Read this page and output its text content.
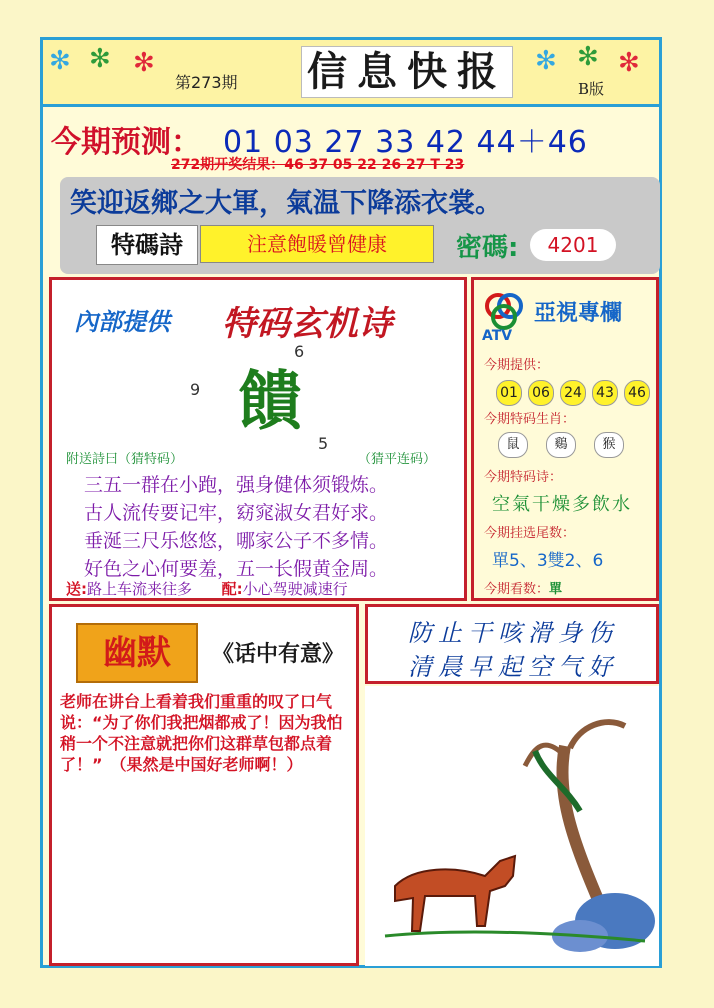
✻ ✻ ✻
第273期 信息快报 ✻ ✻ ✻
B版
今期预测： 01 03 27 33 42 44＋46
272期开奖结果：46 37 05 22 26 27 T 23
笑迎返鄉之大軍，氣温下降添衣裳。
特碼詩	注意飽暖曾健康	密碼:	4201
內部提供 特码玄机诗
6
9 饋
5
附送詩曰（猜特码）	（猜平连码）
三五一群在小跑，强身健体须锻炼。
古人流传要记牢，窈窕淑女君好求。
垂涎三尺乐悠悠，哪家公子不多情。
好色之心何要羞，五一长假黄金周。
送:路上车流来往多 配:小心驾驶减速行
ATV
亞視專欄
今期提供：
01 06 24 43 46
今期特码生肖：
鼠	鷄	猴
今期特码诗：
空氣干燥多飲水
今期挂选尾数：
單5、3雙2、6
今期看数：單
幽默	《话中有意》
老师在讲台上看着我们重重的叹了口气说：“为了你们我把烟都戒了！因为我怕稍一个不注意就把你们这群草包都点着了！”　（果然是中国好老师啊！）
防止干咳滑身伤
清晨早起空气好
